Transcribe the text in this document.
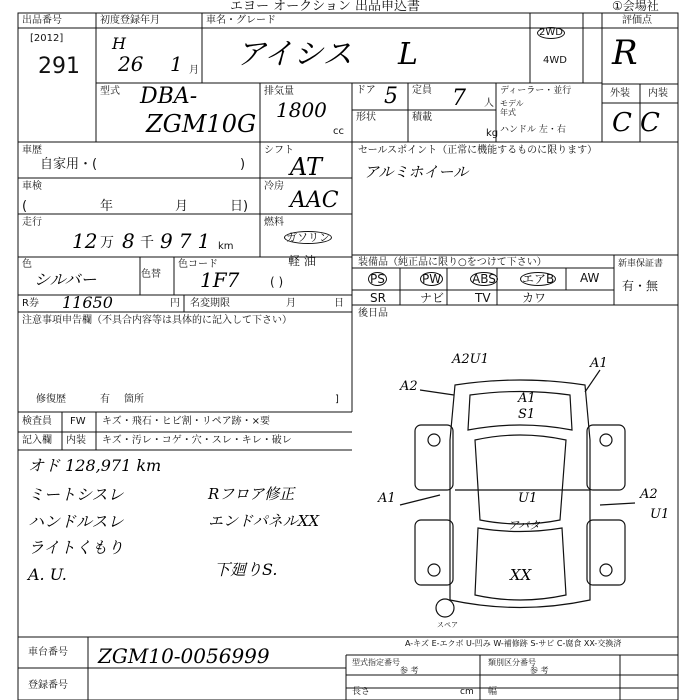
エヨー オークション 出品申込書	①会場社
出品番号
[2012]
291
初度登録年月
H
26 1 月
車名・グレード
アイシス L
2WD
4WD
評価点
R
外装 内装
C C
型式 DBA-
ZGM10G
排気量
1800
cc
ドア 5 定員 7 人
形状	積載
kg
ディーラー・並行
モデル
年式
ハンドル 左・右
車歴
自家用・(	)
シフト
AT
車検
(	年	月	日)
冷房
AAC
走行
12 万 8 千 971 km
燃料
ガソリン
軽 油
( )
色
シルバー	色替
色コード
1F7
R券 11650	円 名変期限	月	日
注意事項申告欄（不具合内容等は具体的に記入して下さい）
修復歴	有 箇所	]
セールスポイント（正常に機能するものに限ります）
アルミホイール
装備品（純正品に限り○をつけて下さい）	新車保証書
有・無
PS	PW	ABS エアB AW
SR	ナビ	TV	カワ
後日品
検査員
記入欄
FW
内装
キズ・飛石・ヒビ割・リペア跡・×要
キズ・汚レ・コゲ・穴・スレ・キレ・破レ
オド 128,971 km
ミートシスレ
ハンドルスレ
ライトくもり
A. U.
Rフロア修正
エンドパネルXX
下廻りS.
A2U1	A1
A2
A1
S1
A1	U1	A2
U1
アバタ
XX
スペア
A-キズ E-エクボ U-凹み W-補修跡 S-サビ C-腐食 XX-交換済
車台番号 ZGM10-0056999
登録番号
型式指定番号	類別区分番号
参 考	参 考
長さ	cm 幅
